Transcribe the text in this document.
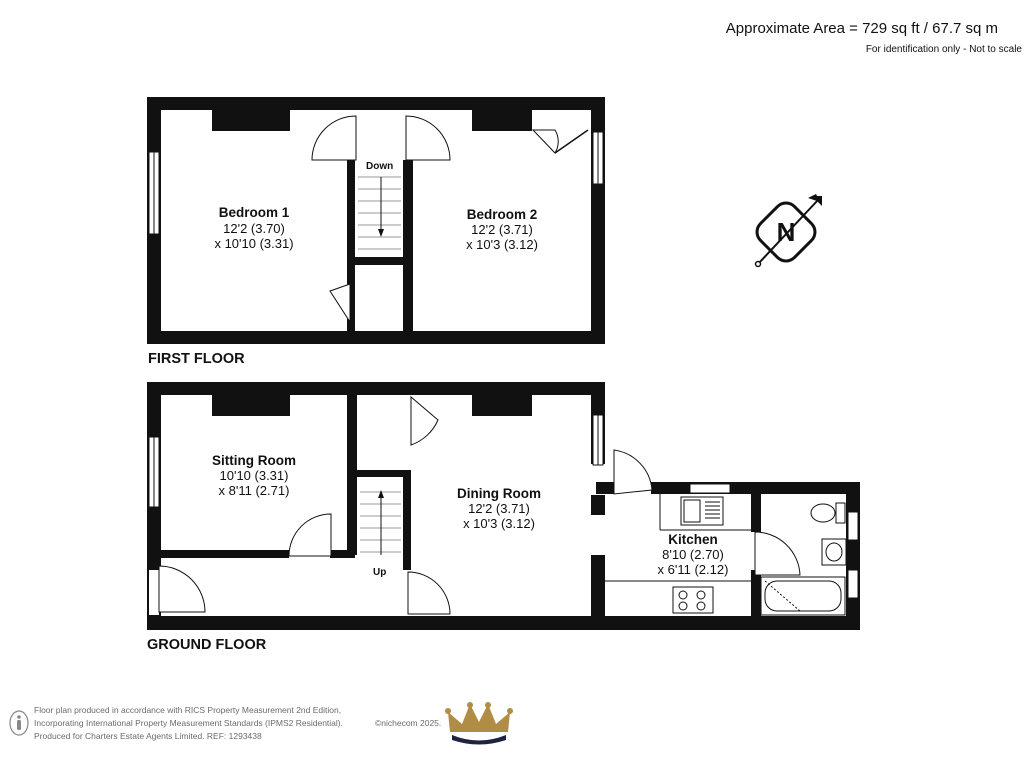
Approximate Area = 729 sq ft / 67.7 sq m
For identification only - Not to scale
Down
Bedroom 1
12'2 (3.70)
x 10'10 (3.31)
Bedroom 2
12'2 (3.71)
x 10'3 (3.12)
FIRST FLOOR
Up
Sitting Room
10'10 (3.31)
x 8'11 (2.71)	Dining Room
12'2 (3.71)
x 10'3 (3.12)
Kitchen
8'10 (2.70)
x 6'11 (2.12)
GROUND FLOOR
N
Floor plan produced in accordance with RICS Property Measurement 2nd Edition,
Incorporating International Property Measurement Standards (IPMS2 Residential).	©nichecom 2025.
Produced for Charters Estate Agents Limited. REF: 1293438
